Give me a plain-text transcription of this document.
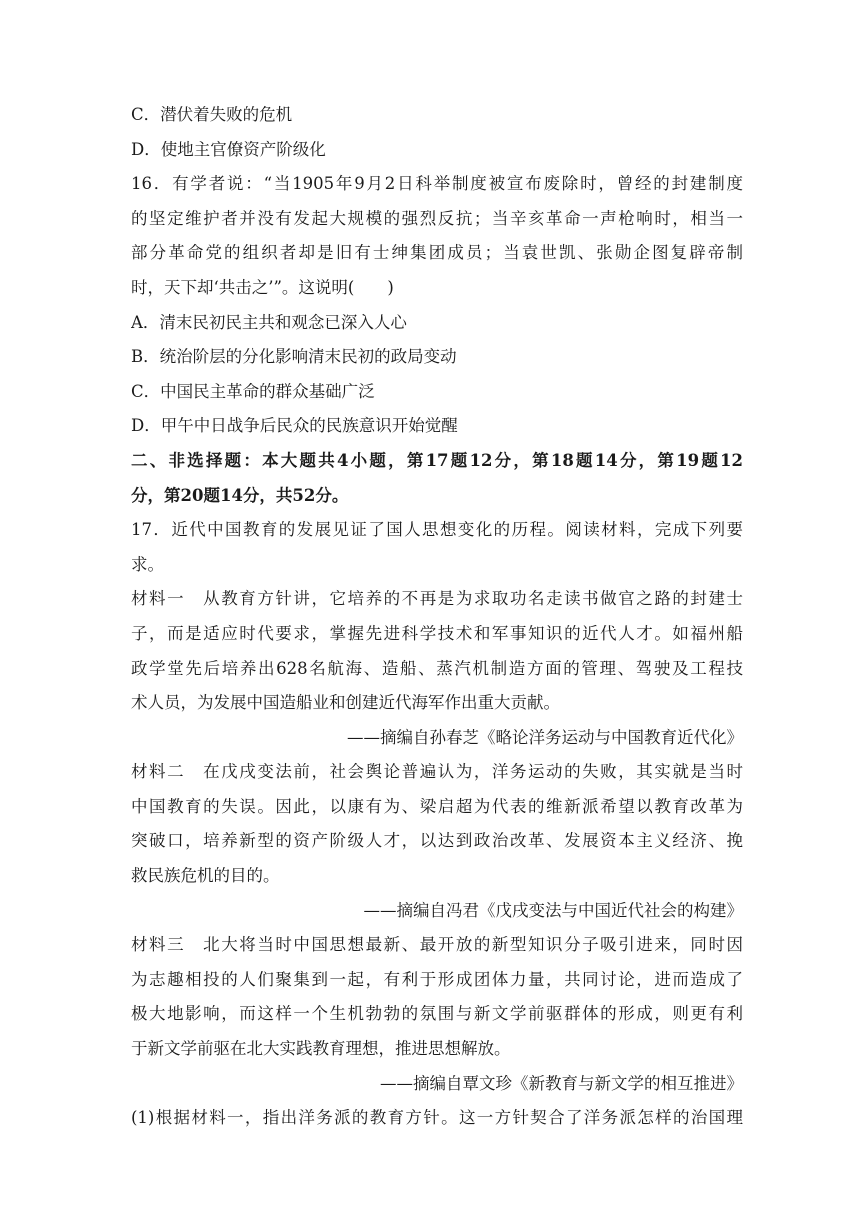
C．潜伏着失败的危机
D．使地主官僚资产阶级化
16．有学者说：“当1905年9月2日科举制度被宣布废除时，曾经的封建制度
的坚定维护者并没有发起大规模的强烈反抗；当辛亥革命一声枪响时，相当一
部分革命党的组织者却是旧有士绅集团成员；当袁世凯、张勋企图复辟帝制
时，天下却‘共击之’”。这说明(　　)
A．清末民初民主共和观念已深入人心
B．统治阶层的分化影响清末民初的政局变动
C．中国民主革命的群众基础广泛
D．甲午中日战争后民众的民族意识开始觉醒
二、非选择题：本大题共4小题，第17题12分，第18题14分，第19题12
分，第20题14分，共52分。
17．近代中国教育的发展见证了国人思想变化的历程。阅读材料，完成下列要
求。
材料一　从教育方针讲，它培养的不再是为求取功名走读书做官之路的封建士
子，而是适应时代要求，掌握先进科学技术和军事知识的近代人才。如福州船
政学堂先后培养出628名航海、造船、蒸汽机制造方面的管理、驾驶及工程技
术人员，为发展中国造船业和创建近代海军作出重大贡献。
——摘编自孙春芝《略论洋务运动与中国教育近代化》
材料二　在戊戌变法前，社会舆论普遍认为，洋务运动的失败，其实就是当时
中国教育的失误。因此，以康有为、梁启超为代表的维新派希望以教育改革为
突破口，培养新型的资产阶级人才，以达到政治改革、发展资本主义经济、挽
救民族危机的目的。
——摘编自冯君《戊戌变法与中国近代社会的构建》
材料三　北大将当时中国思想最新、最开放的新型知识分子吸引进来，同时因
为志趣相投的人们聚集到一起，有利于形成团体力量，共同讨论，进而造成了
极大地影响，而这样一个生机勃勃的氛围与新文学前驱群体的形成，则更有利
于新文学前驱在北大实践教育理想，推进思想解放。
——摘编自覃文珍《新教育与新文学的相互推进》
(1)根据材料一，指出洋务派的教育方针。这一方针契合了洋务派怎样的治国理
